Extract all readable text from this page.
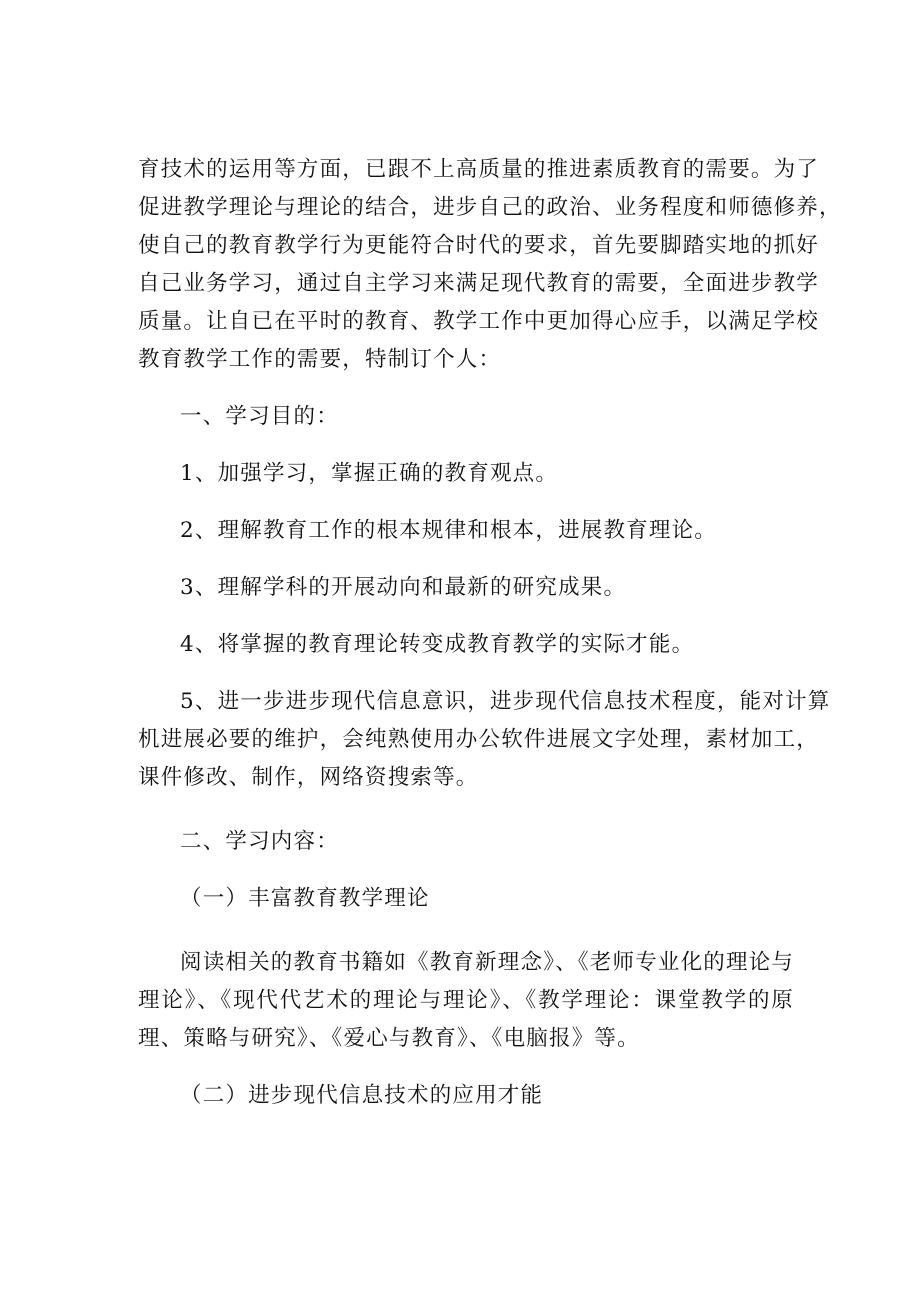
育技术的运用等方面，已跟不上高质量的推进素质教育的需要。为了
促进教学理论与理论的结合，进步自己的政治、业务程度和师德修养，
使自己的教育教学行为更能符合时代的要求，首先要脚踏实地的抓好
自己业务学习，通过自主学习来满足现代教育的需要，全面进步教学
质量。让自已在平时的教育、教学工作中更加得心应手，以满足学校
教育教学工作的需要，特制订个人：
一、学习目的：
1、加强学习，掌握正确的教育观点。
2、理解教育工作的根本规律和根本，进展教育理论。
3、理解学科的开展动向和最新的研究成果。
4、将掌握的教育理论转变成教育教学的实际才能。
5、进一步进步现代信息意识，进步现代信息技术程度，能对计算
机进展必要的维护，会纯熟使用办公软件进展文字处理，素材加工，
课件修改、制作，网络资搜索等。
二、学习内容：
（一）丰富教育教学理论
阅读相关的教育书籍如《教育新理念》、《老师专业化的理论与
理论》、《现代代艺术的理论与理论》、《教学理论：课堂教学的原
理、策略与研究》、《爱心与教育》、《电脑报》等。
（二）进步现代信息技术的应用才能
